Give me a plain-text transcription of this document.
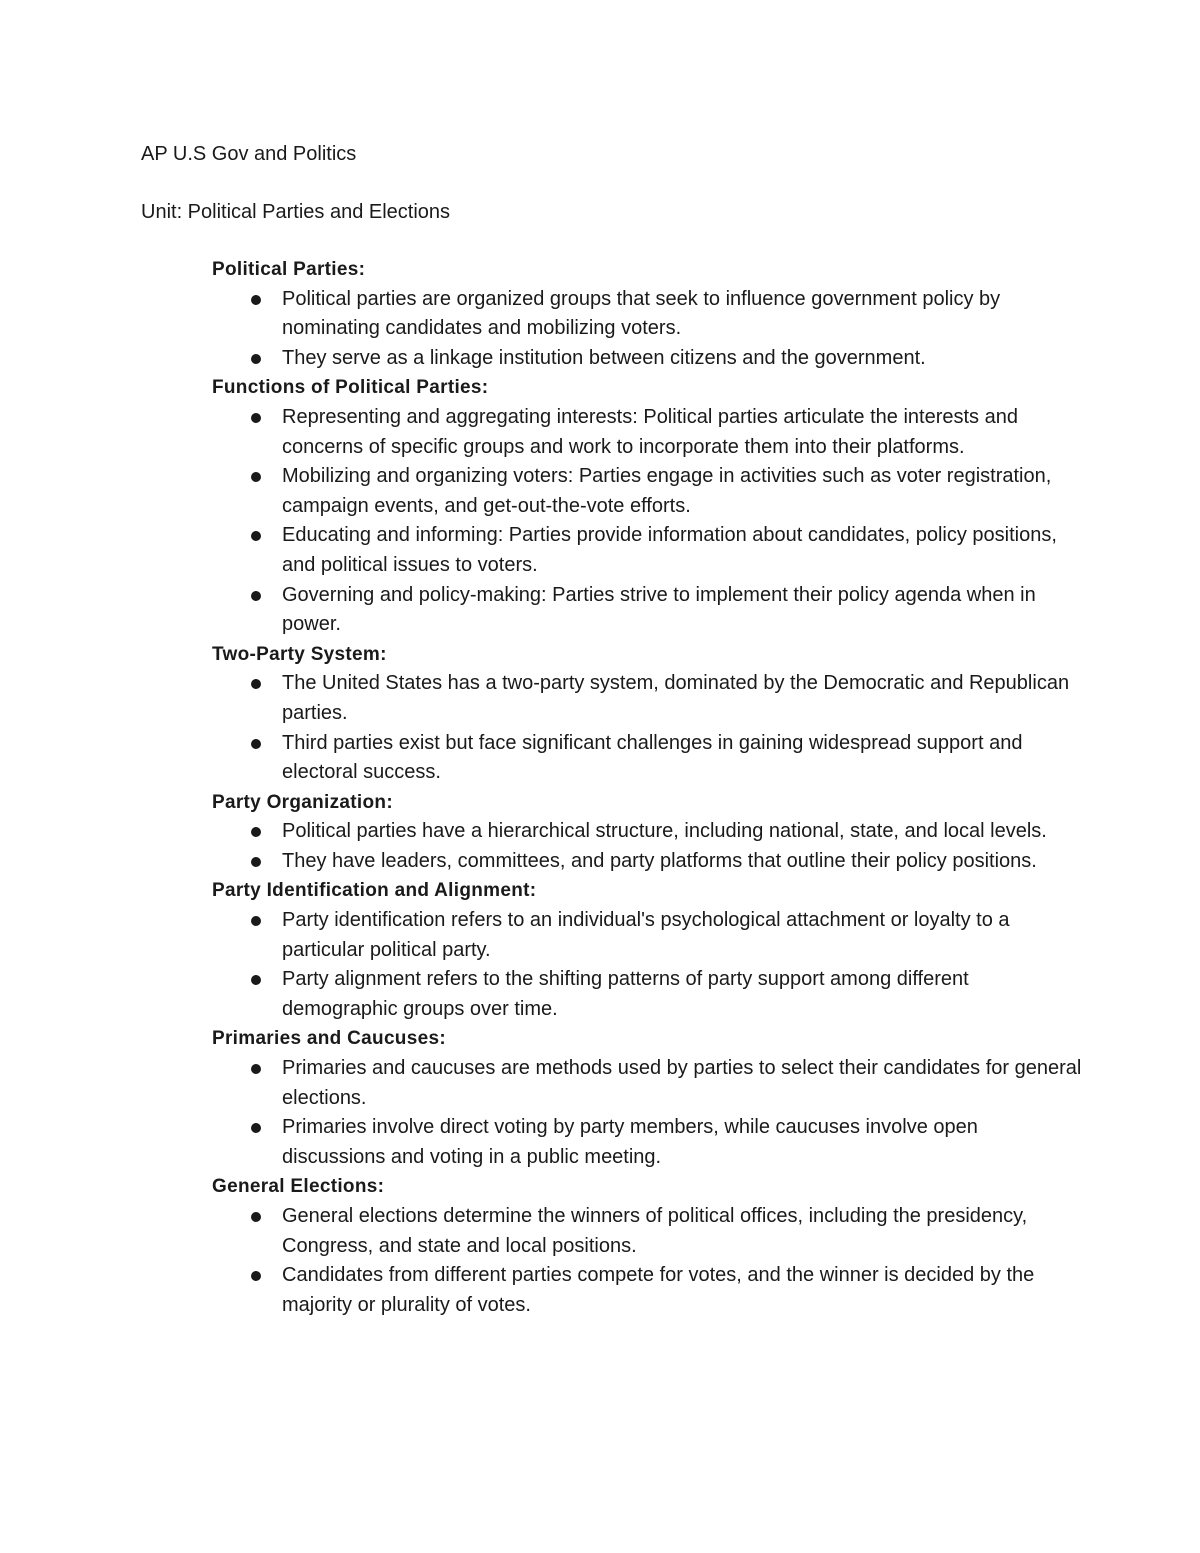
AP U.S Gov and Politics
Unit: Political Parties and Elections
Political Parties:
Political parties are organized groups that seek to influence government policy by nominating candidates and mobilizing voters.
They serve as a linkage institution between citizens and the government.
Functions of Political Parties:
Representing and aggregating interests: Political parties articulate the interests and concerns of specific groups and work to incorporate them into their platforms.
Mobilizing and organizing voters: Parties engage in activities such as voter registration, campaign events, and get-out-the-vote efforts.
Educating and informing: Parties provide information about candidates, policy positions, and political issues to voters.
Governing and policy-making: Parties strive to implement their policy agenda when in power.
Two-Party System:
The United States has a two-party system, dominated by the Democratic and Republican parties.
Third parties exist but face significant challenges in gaining widespread support and electoral success.
Party Organization:
Political parties have a hierarchical structure, including national, state, and local levels.
They have leaders, committees, and party platforms that outline their policy positions.
Party Identification and Alignment:
Party identification refers to an individual's psychological attachment or loyalty to a particular political party.
Party alignment refers to the shifting patterns of party support among different demographic groups over time.
Primaries and Caucuses:
Primaries and caucuses are methods used by parties to select their candidates for general elections.
Primaries involve direct voting by party members, while caucuses involve open discussions and voting in a public meeting.
General Elections:
General elections determine the winners of political offices, including the presidency, Congress, and state and local positions.
Candidates from different parties compete for votes, and the winner is decided by the majority or plurality of votes.
